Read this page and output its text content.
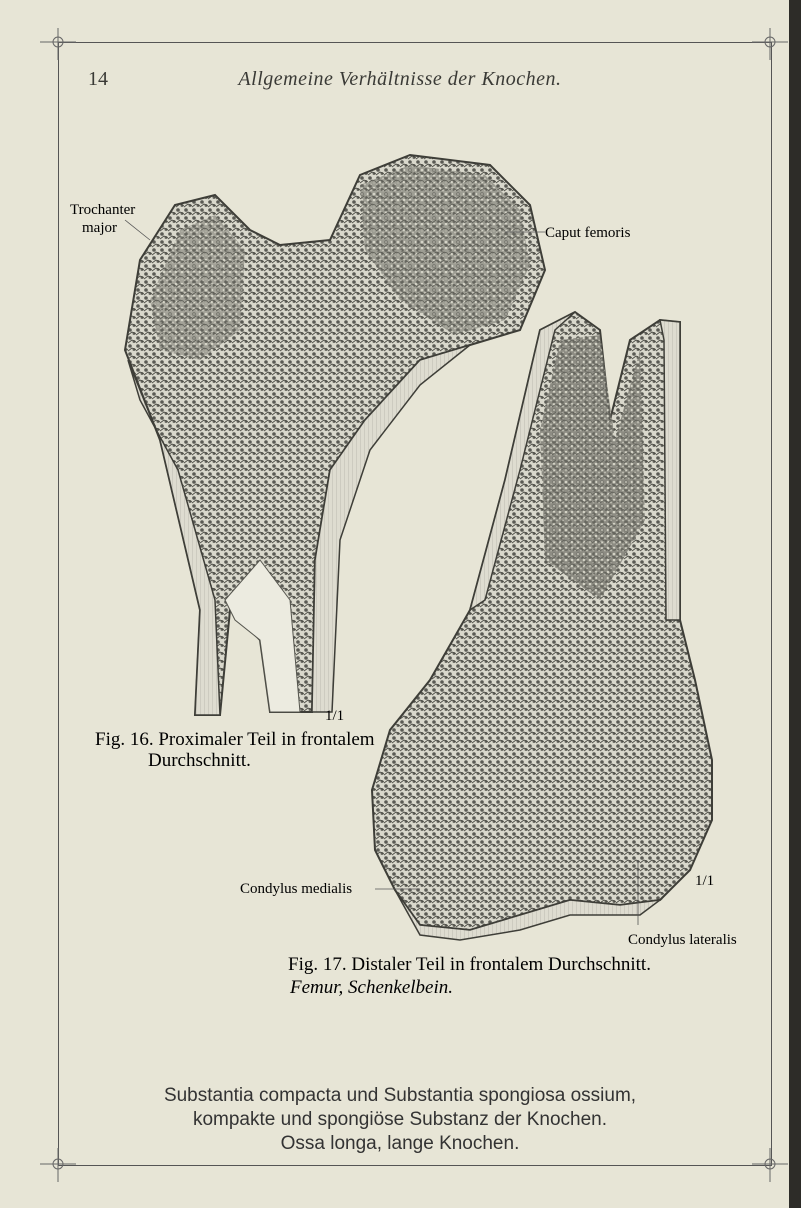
14	Allgemeine Verhältnisse der Knochen.
Trochanter
major	Caput femoris
1/1
Fig. 16. Proximaler Teil in frontalem
Durchschnitt.
Condylus medialis	1/1
Condylus lateralis
Fig. 17. Distaler Teil in frontalem Durchschnitt.
Femur, Schenkelbein.
Substantia compacta und Substantia spongiosa ossium,
kompakte und spongiöse Substanz der Knochen.
Ossa longa, lange Knochen.
